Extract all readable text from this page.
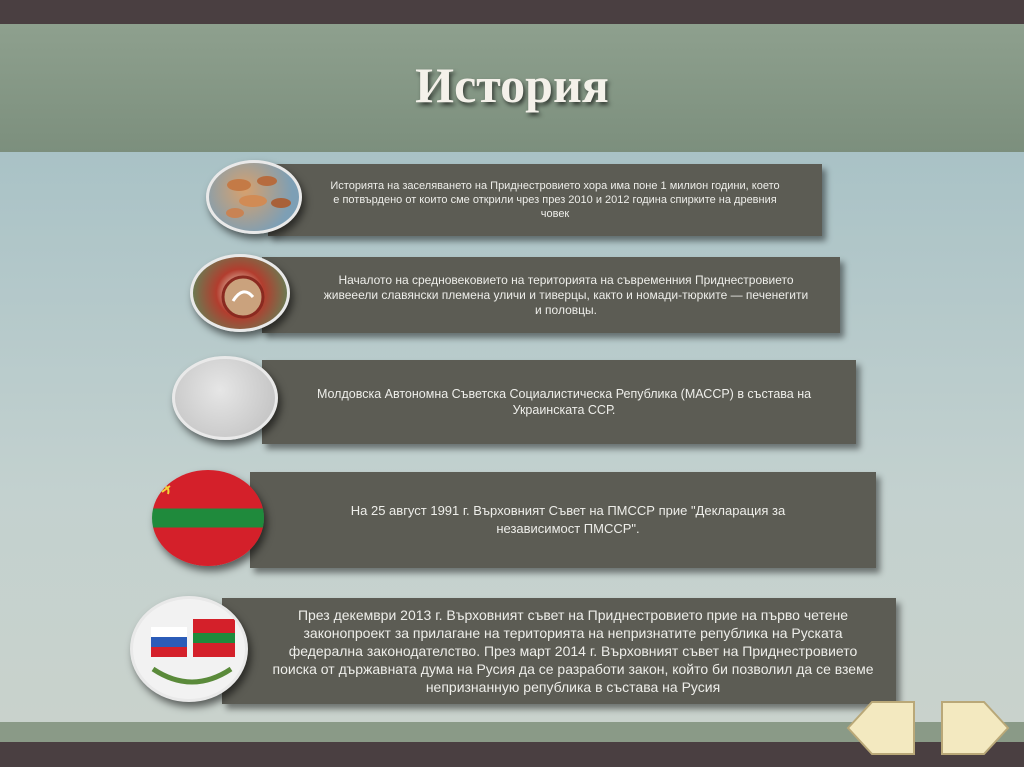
История
Историята на заселяването на Приднестровието хора има поне 1 милион години, което е потвърдено от които сме открили чрез през 2010 и 2012 година спирките на древния човек
Началото на средновековието на територията на съвременния Приднестровието живееели славянски племена уличи и тиверцы, както и номади-тюрките — печенегити и половцы.
Молдовска Автономна Съветска Социалистическа Република (МАССР) в състава на Украинската ССР.
На 25 август 1991 г. Върховният Съвет на ПМССР прие "Декларация за независимост ПМССР".
През декември 2013 г. Върховният съвет на Приднестровието прие на първо четене законопроект за прилагане на територията на непризнатите република на Руската федерална законодателство. През март 2014 г. Върховният съвет на Приднестровието поиска от държавната дума на Русия да се разработи закон, който би позволил да се вземе непризнанную република в състава на Русия
